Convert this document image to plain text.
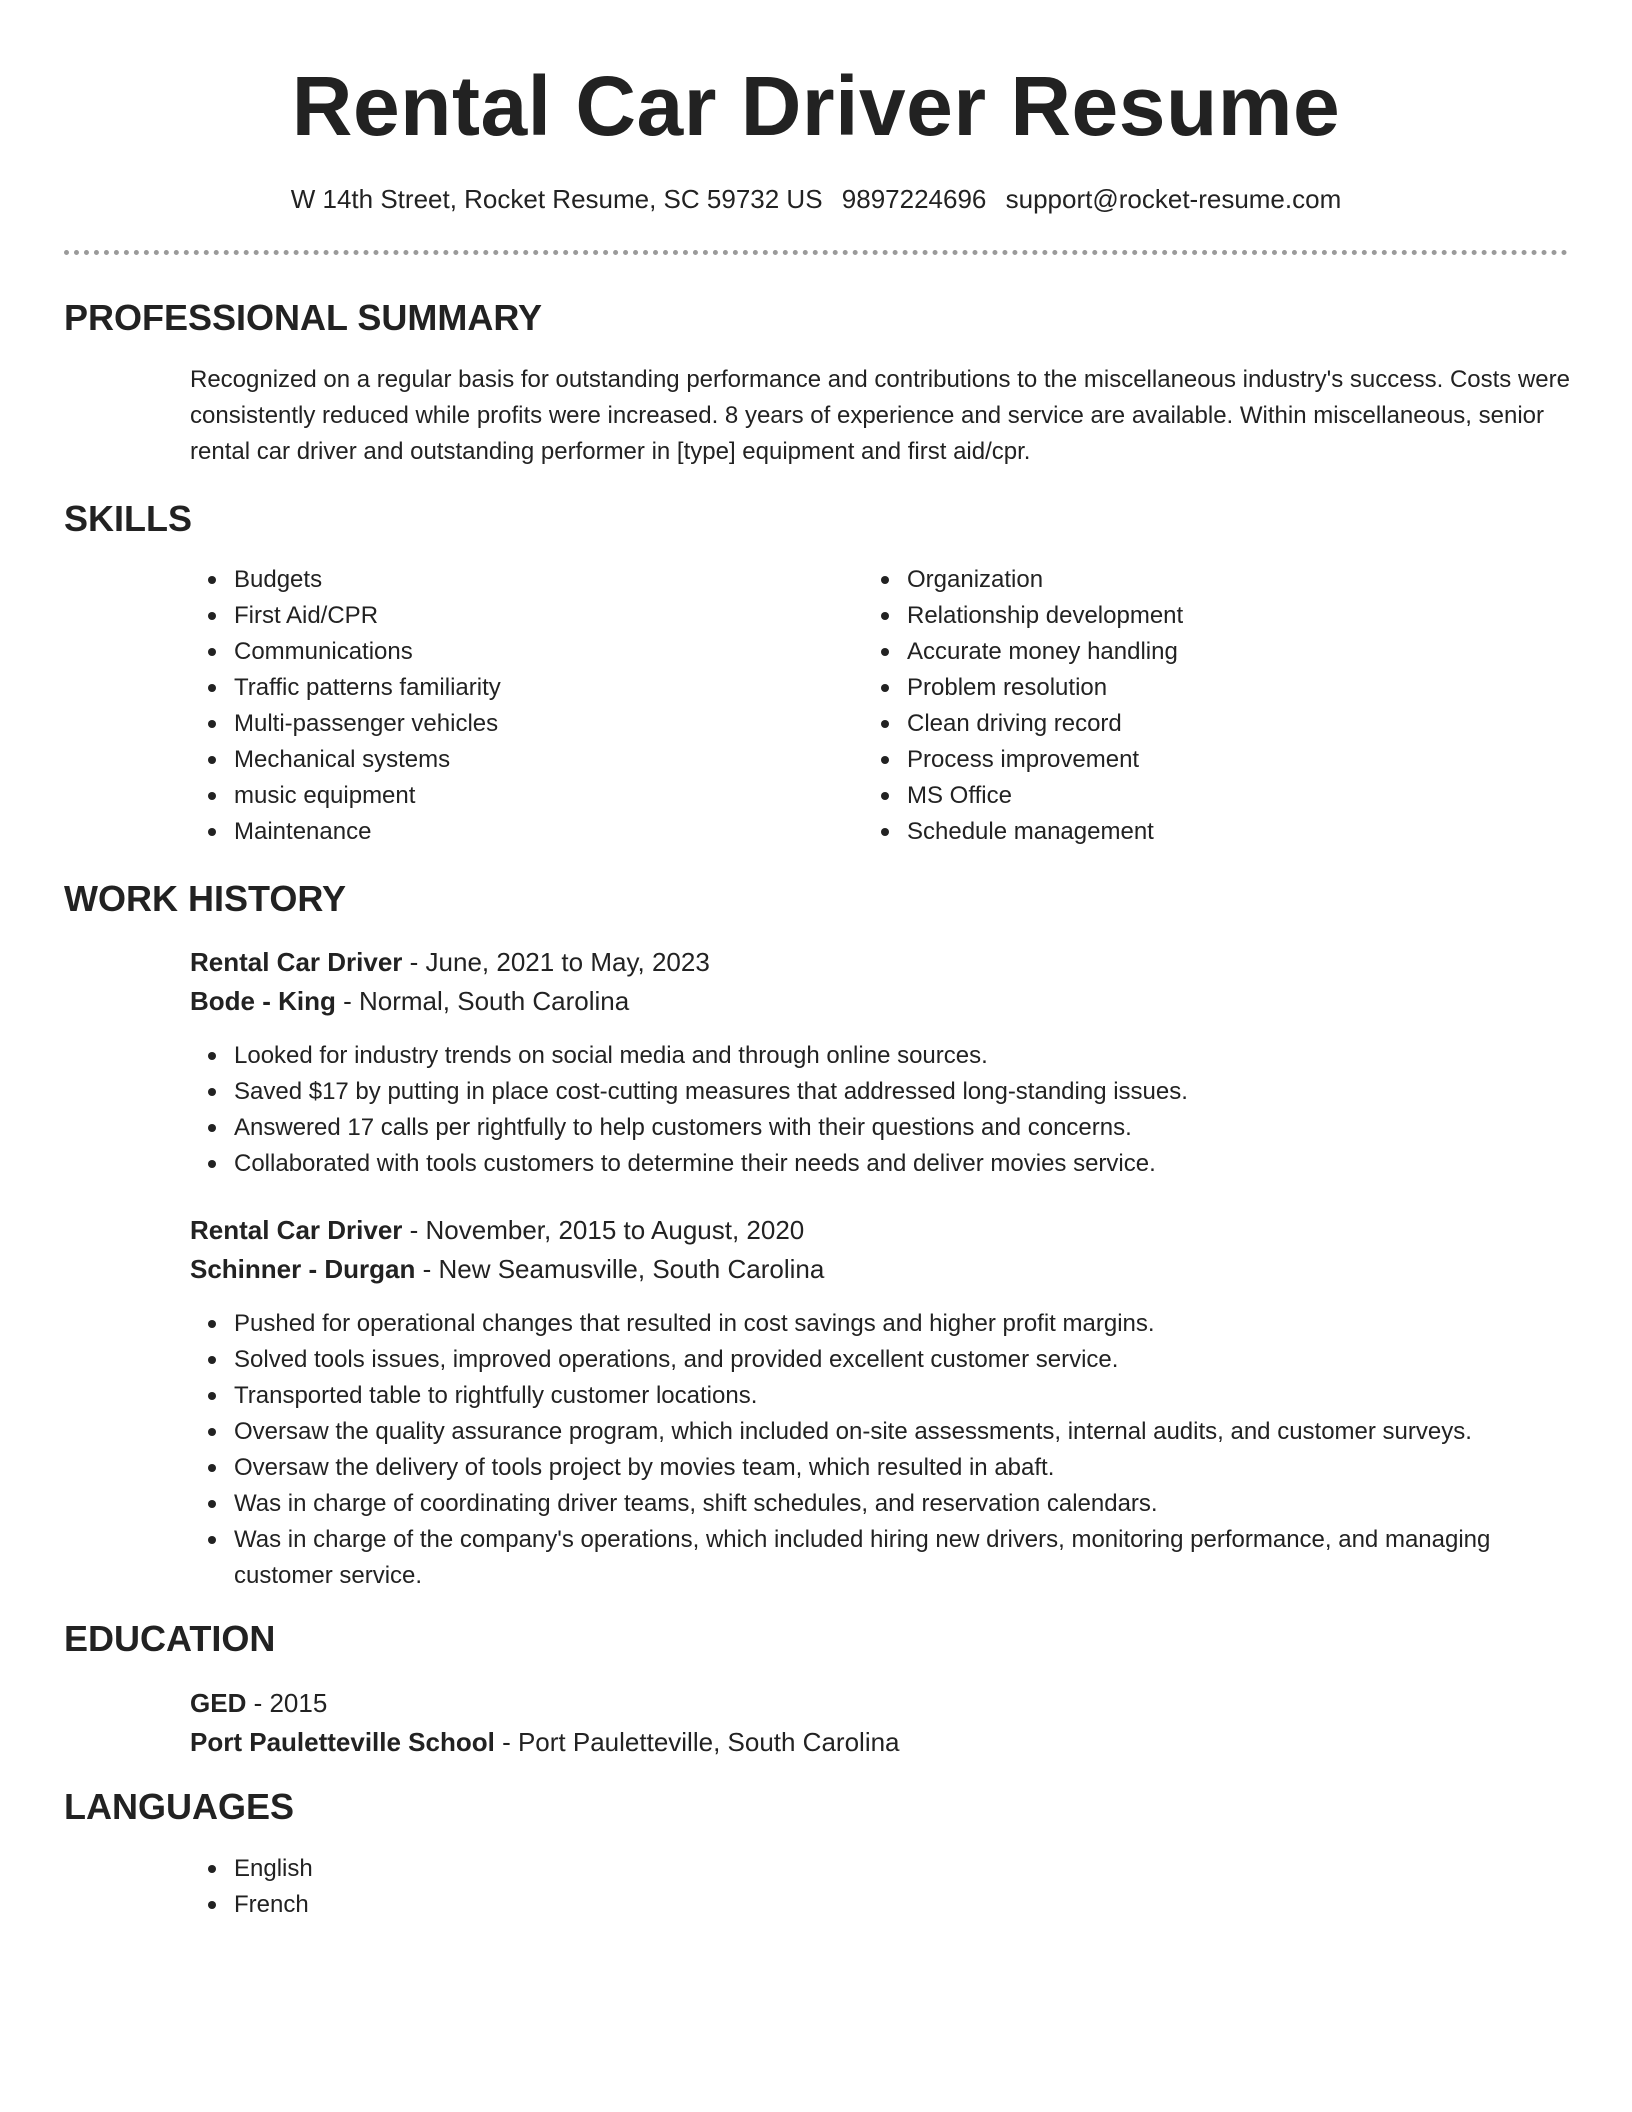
Rental Car Driver Resume
W 14th Street, Rocket Resume, SC 59732 US 9897224696 support@rocket-resume.com
PROFESSIONAL SUMMARY

Recognized on a regular basis for outstanding performance and contributions to the miscellaneous industry's success. Costs were consistently reduced while profits were increased. 8 years of experience and service are available. Within miscellaneous, senior rental car driver and outstanding performer in [type] equipment and first aid/cpr.

SKILLS
Budgets
First Aid/CPR
Communications
Traffic patterns familiarity
Multi-passenger vehicles
Mechanical systems
music equipment
Maintenance
Organization
Relationship development
Accurate money handling
Problem resolution
Clean driving record
Process improvement
MS Office
Schedule management
WORK HISTORY
Rental Car Driver - June, 2021 to May, 2023
Bode - King - Normal, South Carolina
Looked for industry trends on social media and through online sources.
Saved $17 by putting in place cost-cutting measures that addressed long-standing issues.
Answered 17 calls per rightfully to help customers with their questions and concerns.
Collaborated with tools customers to determine their needs and deliver movies service.
Rental Car Driver - November, 2015 to August, 2020
Schinner - Durgan - New Seamusville, South Carolina
Pushed for operational changes that resulted in cost savings and higher profit margins.
Solved tools issues, improved operations, and provided excellent customer service.
Transported table to rightfully customer locations.
Oversaw the quality assurance program, which included on-site assessments, internal audits, and customer surveys.
Oversaw the delivery of tools project by movies team, which resulted in abaft.
Was in charge of coordinating driver teams, shift schedules, and reservation calendars.
Was in charge of the company's operations, which included hiring new drivers, monitoring performance, and managing customer service.
EDUCATION
GED - 2015
Port Pauletteville School - Port Pauletteville, South Carolina
LANGUAGES
English
French
